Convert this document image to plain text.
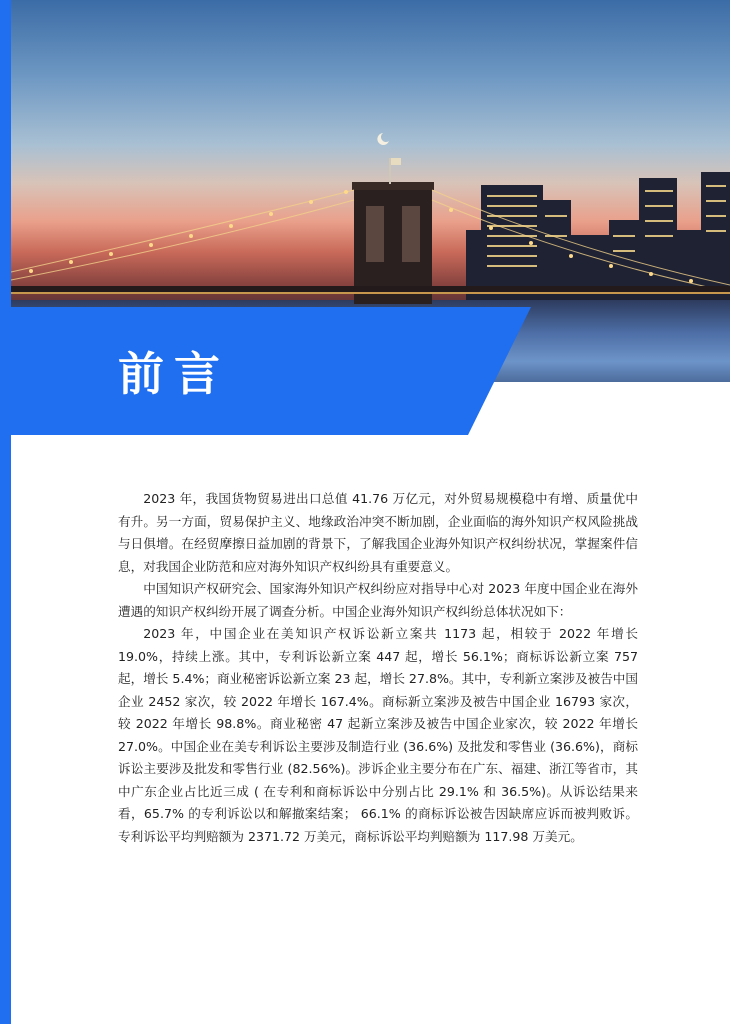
前言

2023 年，我国货物贸易进出口总值 41.76 万亿元，对外贸易规模稳中有增、质量优中有升。另一方面，贸易保护主义、地缘政治冲突不断加剧，企业面临的海外知识产权风险挑战与日俱增。在经贸摩擦日益加剧的背景下，了解我国企业海外知识产权纠纷状况，掌握案件信息，对我国企业防范和应对海外知识产权纠纷具有重要意义。

中国知识产权研究会、国家海外知识产权纠纷应对指导中心对 2023 年度中国企业在海外遭遇的知识产权纠纷开展了调查分析。中国企业海外知识产权纠纷总体状况如下：

2023 年，中国企业在美知识产权诉讼新立案共 1173 起，相较于 2022 年增长 19.0%，持续上涨。其中，专利诉讼新立案 447 起，增长 56.1%；商标诉讼新立案 757 起，增长 5.4%；商业秘密诉讼新立案 23 起，增长 27.8%。其中，专利新立案涉及被告中国企业 2452 家次，较 2022 年增长 167.4%。商标新立案涉及被告中国企业 16793 家次，较 2022 年增长 98.8%。商业秘密 47 起新立案涉及被告中国企业家次，较 2022 年增长 27.0%。中国企业在美专利诉讼主要涉及制造行业 (36.6%) 及批发和零售业 (36.6%)，商标诉讼主要涉及批发和零售行业 (82.56%)。涉诉企业主要分布在广东、福建、浙江等省市，其中广东企业占比近三成 ( 在专利和商标诉讼中分别占比 29.1% 和 36.5%)。从诉讼结果来看，65.7% 的专利诉讼以和解撤案结案； 66.1% 的商标诉讼被告因缺席应诉而被判败诉。专利诉讼平均判赔额为 2371.72 万美元，商标诉讼平均判赔额为 117.98 万美元。
